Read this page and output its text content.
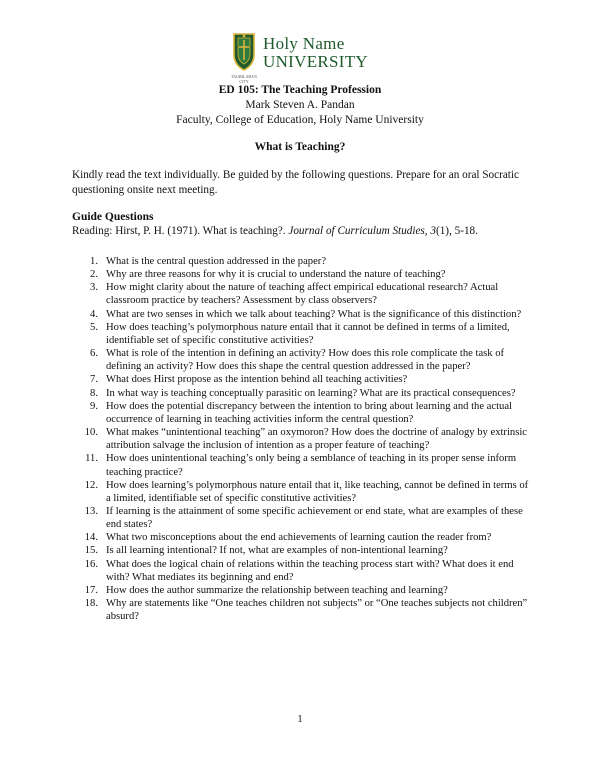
TAGBILARAN CITY
Holy Name
UNIVERSITY
ED 105: The Teaching Profession
Mark Steven A. Pandan
Faculty, College of Education, Holy Name University
What is Teaching?
Kindly read the text individually. Be guided by the following questions. Prepare for an oral Socratic questioning onsite next meeting.
Guide Questions
Reading: Hirst, P. H. (1971). What is teaching?. Journal of Curriculum Studies, 3(1), 5-18.
1. What is the central question addressed in the paper?
2. Why are three reasons for why it is crucial to understand the nature of teaching?
3. How might clarity about the nature of teaching affect empirical educational research? Actual classroom practice by teachers? Assessment by class observers?
4. What are two senses in which we talk about teaching? What is the significance of this distinction?
5. How does teaching’s polymorphous nature entail that it cannot be defined in terms of a limited, identifiable set of specific constitutive activities?
6. What is role of the intention in defining an activity? How does this role complicate the task of defining an activity? How does this shape the central question addressed in the paper?
7. What does Hirst propose as the intention behind all teaching activities?
8. In what way is teaching conceptually parasitic on learning? What are its practical consequences?
9. How does the potential discrepancy between the intention to bring about learning and the actual occurrence of learning in teaching activities inform the central question?
10. What makes “unintentional teaching” an oxymoron? How does the doctrine of analogy by extrinsic attribution salvage the inclusion of intention as a proper feature of teaching?
11. How does unintentional teaching’s only being a semblance of teaching in its proper sense inform teaching practice?
12. How does learning’s polymorphous nature entail that it, like teaching, cannot be defined in terms of a limited, identifiable set of specific constitutive activities?
13. If learning is the attainment of some specific achievement or end state, what are examples of these end states?
14. What two misconceptions about the end achievements of learning caution the reader from?
15. Is all learning intentional? If not, what are examples of non-intentional learning?
16. What does the logical chain of relations within the teaching process start with? What does it end with? What mediates its beginning and end?
17. How does the author summarize the relationship between teaching and learning?
18. Why are statements like “One teaches children not subjects” or “One teaches subjects not children” absurd?
1
